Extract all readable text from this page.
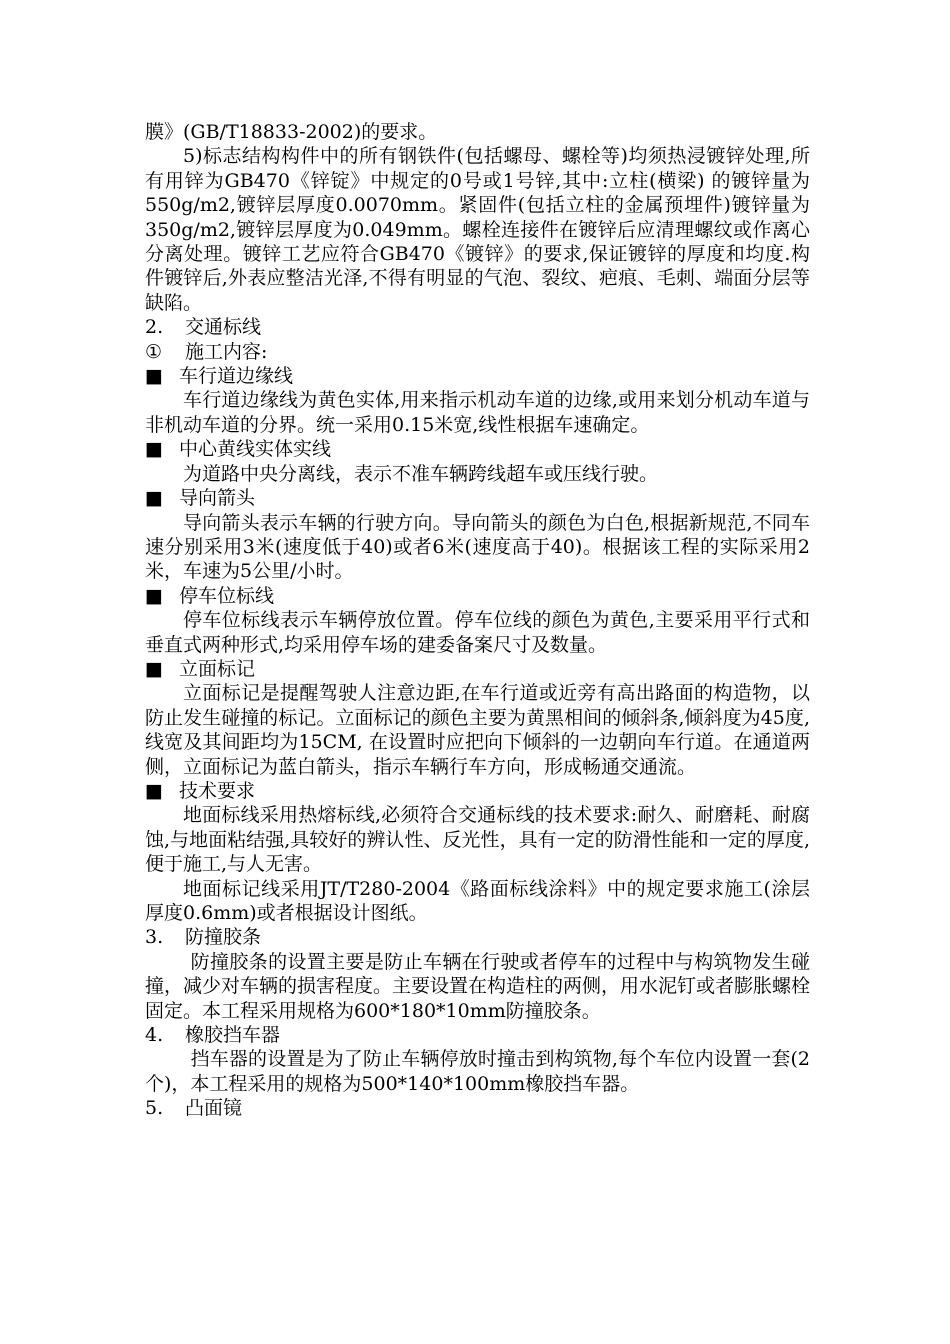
膜》(GB/T18833-2002)的要求。

5)标志结构构件中的所有钢铁件(包括螺母、螺栓等)均须热浸镀锌处理,所有用锌为GB470《锌锭》中规定的0号或1号锌,其中:立柱(横梁) 的镀锌量为550g/m2,镀锌层厚度0.0070mm。紧固件(包括立柱的金属预埋件)镀锌量为350g/m2,镀锌层厚度为0.049mm。螺栓连接件在镀锌后应清理螺纹或作离心分离处理。镀锌工艺应符合GB470《镀锌》的要求,保证镀锌的厚度和均度.构件镀锌后,外表应整洁光泽,不得有明显的气泡、裂纹、疤痕、毛刺、端面分层等缺陷。

2. 交通标线

① 施工内容:

■ 车行道边缘线

车行道边缘线为黄色实体,用来指示机动车道的边缘,或用来划分机动车道与非机动车道的分界。统一采用0.15米宽,线性根据车速确定。

■ 中心黄线实体实线

为道路中央分离线，表示不准车辆跨线超车或压线行驶。

■ 导向箭头

导向箭头表示车辆的行驶方向。导向箭头的颜色为白色,根据新规范,不同车速分别采用3米(速度低于40)或者6米(速度高于40)。根据该工程的实际采用2米，车速为5公里/小时。

■ 停车位标线

停车位标线表示车辆停放位置。停车位线的颜色为黄色,主要采用平行式和垂直式两种形式,均采用停车场的建委备案尺寸及数量。

■ 立面标记

立面标记是提醒驾驶人注意边距,在车行道或近旁有高出路面的构造物，以防止发生碰撞的标记。立面标记的颜色主要为黄黑相间的倾斜条,倾斜度为45度,线宽及其间距均为15CM, 在设置时应把向下倾斜的一边朝向车行道。在通道两侧，立面标记为蓝白箭头，指示车辆行车方向，形成畅通交通流。

■ 技术要求

地面标线采用热熔标线,必须符合交通标线的技术要求:耐久、耐磨耗、耐腐蚀,与地面粘结强,具较好的辨认性、反光性，具有一定的防滑性能和一定的厚度,便于施工,与人无害。

地面标记线采用JT/T280-2004《路面标线涂料》中的规定要求施工(涂层厚度0.6mm)或者根据设计图纸。

3. 防撞胶条

防撞胶条的设置主要是防止车辆在行驶或者停车的过程中与构筑物发生碰撞，减少对车辆的损害程度。主要设置在构造柱的两侧，用水泥钉或者膨胀螺栓固定。本工程采用规格为600*180*10mm防撞胶条。

4. 橡胶挡车器

挡车器的设置是为了防止车辆停放时撞击到构筑物,每个车位内设置一套(2个)，本工程采用的规格为500*140*100mm橡胶挡车器。

5. 凸面镜
